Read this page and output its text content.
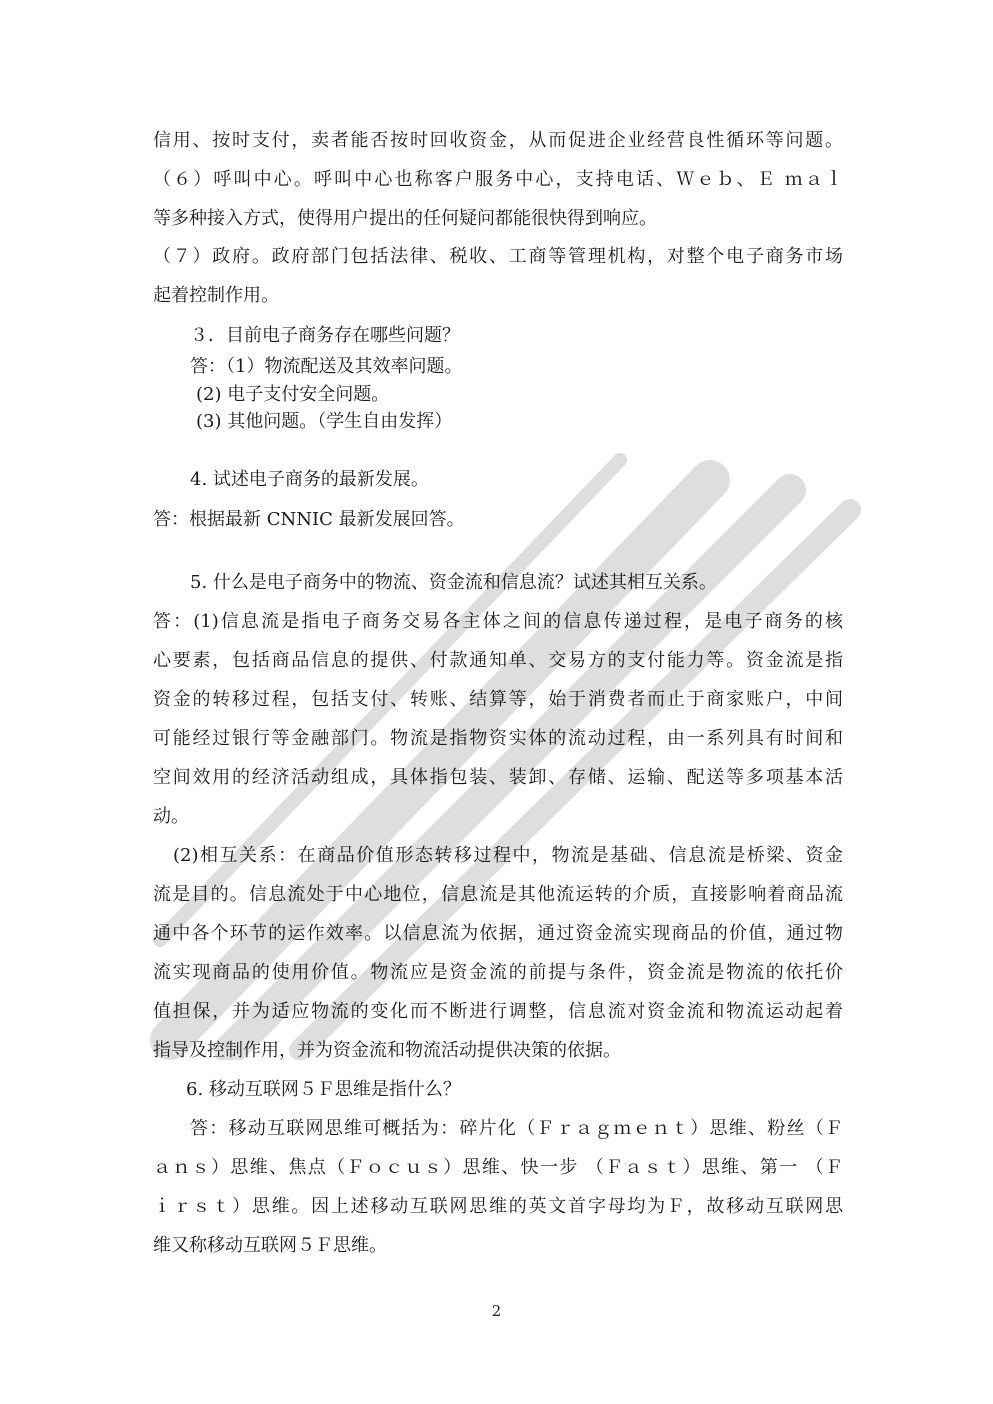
信用、按时支付，卖者能否按时回收资金，从而促进企业经营良性循环等问题。
（６）呼叫中心。呼叫中心也称客户服务中心，支持电话、Ｗｅｂ、Ｅ ｍａｌ
等多种接入方式，使得用户提出的任何疑问都能很快得到响应。
（７）政府。政府部门包括法律、税收、工商等管理机构，对整个电子商务市场
起着控制作用。
３．目前电子商务存在哪些问题？
答：（1）物流配送及其效率问题。
(2) 电子支付安全问题。
(3) 其他问题。（学生自由发挥）
4. 试述电子商务的最新发展。
答：根据最新 CNNIC 最新发展回答。
5. 什么是电子商务中的物流、资金流和信息流？试述其相互关系。
答：(1)信息流是指电子商务交易各主体之间的信息传递过程，是电子商务的核
心要素，包括商品信息的提供、付款通知单、交易方的支付能力等。资金流是指
资金的转移过程，包括支付、转账、结算等，始于消费者而止于商家账户，中间
可能经过银行等金融部门。物流是指物资实体的流动过程，由一系列具有时间和
空间效用的经济活动组成，具体指包装、装卸、存储、运输、配送等多项基本活
动。
(2)相互关系：在商品价值形态转移过程中，物流是基础、信息流是桥梁、资金
流是目的。信息流处于中心地位，信息流是其他流运转的介质，直接影响着商品流
通中各个环节的运作效率。以信息流为依据，通过资金流实现商品的价值，通过物
流实现商品的使用价值。物流应是资金流的前提与条件，资金流是物流的依托价
值担保，并为适应物流的变化而不断进行调整，信息流对资金流和物流运动起着
指导及控制作用，并为资金流和物流活动提供决策的依据。
6. 移动互联网５Ｆ思维是指什么？
答：移动互联网思维可概括为：碎片化（Ｆｒａｇｍｅｎｔ）思维、粉丝（Ｆ
ａｎｓ）思维、焦点（Ｆｏｃｕｓ）思维、快一步 （Ｆａｓｔ）思维、第一 （Ｆ
ｉｒｓｔ）思维。因上述移动互联网思维的英文首字母均为Ｆ，故移动互联网思
维又称移动互联网５Ｆ思维。
2
